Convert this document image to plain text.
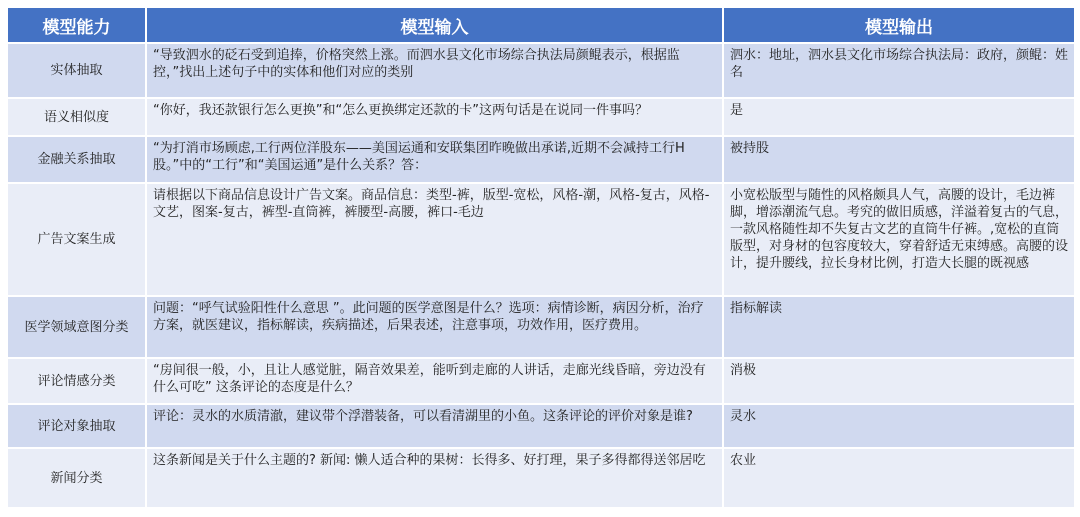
模型能力	模型输入	模型输出
实体抽取	“导致泗水的砭石受到追捧，价格突然上涨。而泗水县文化市场综合执法局颜鲲表示，根据监控，”找出上述句子中的实体和他们对应的类别	泗水：地址，泗水县文化市场综合执法局：政府，颜鲲：姓名
语义相似度	“你好，我还款银行怎么更换”和“怎么更换绑定还款的卡”这两句话是在说同一件事吗？	是
金融关系抽取	“为打消市场顾虑,工行两位洋股东——美国运通和安联集团昨晚做出承诺,近期不会减持工行H股。”中的“工行”和“美国运通”是什么关系？答：	被持股
广告文案生成	请根据以下商品信息设计广告文案。商品信息：类型-裤，版型-宽松，风格-潮，风格-复古，风格-文艺，图案-复古，裤型-直筒裤，裤腰型-高腰，裤口-毛边	小宽松版型与随性的风格颇具人气，高腰的设计，毛边裤脚，增添潮流气息。考究的做旧质感，洋溢着复古的气息，一款风格随性却不失复古文艺的直筒牛仔裤。,宽松的直筒版型，对身材的包容度较大，穿着舒适无束缚感。高腰的设计，提升腰线，拉长身材比例，打造大长腿的既视感
医学领域意图分类	问题：“呼气试验阳性什么意思 ”。此问题的医学意图是什么？选项：病情诊断，病因分析，治疗方案，就医建议，指标解读，疾病描述，后果表述，注意事项，功效作用，医疗费用。	指标解读
评论情感分类	“房间很一般，小，且让人感觉脏，隔音效果差，能听到走廊的人讲话，走廊光线昏暗，旁边没有什么可吃” 这条评论的态度是什么？	消极
评论对象抽取	评论：灵水的水质清澈，建议带个浮潜装备，可以看清湖里的小鱼。这条评论的评价对象是谁?	灵水
新闻分类	这条新闻是关于什么主题的? 新闻: 懒人适合种的果树：长得多、好打理，果子多得都得送邻居吃	农业
